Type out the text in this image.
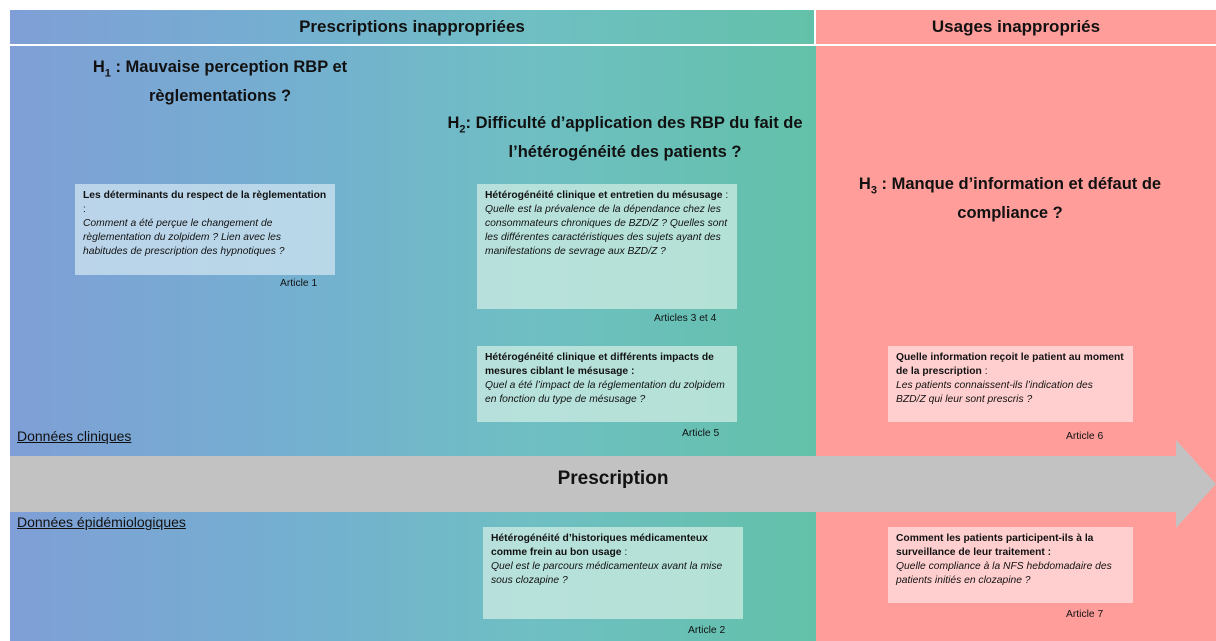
Prescriptions inappropriées	Usages inappropriés
$H_1$ : Mauvaise perception RBP et
règlementations ?
$H_2$: Difficulté d’application des RBP du fait de
l’hétérogénéité des patients ?
$H_3$ : Manque d’information et défaut de
compliance ?
Les déterminants du respect de la règlementation :
Comment a été perçue le changement de règlementation du zolpidem ? Lien avec les habitudes de prescription des hypnotiques ?
Article 1
Hétérogénéité clinique et entretien du mésusage :
Quelle est la prévalence de la dépendance chez les consommateurs chroniques de BZD/Z ? Quelles sont les différentes caractéristiques des sujets ayant des manifestations de sevrage aux BZD/Z ?
Articles 3 et 4
Hétérogénéité clinique et différents impacts de mesures ciblant le mésusage :
Quel a été l’impact de la réglementation du zolpidem en fonction du type de mésusage ?
Article 5
Quelle information reçoit le patient au moment de la prescription :
Les patients connaissent-ils l’indication des BZD/Z qui leur sont prescris ?
Article 6
Données cliniques
Données épidémiologiques
Prescription
Hétérogénéité d’historiques médicamenteux comme frein au bon usage :
Quel est le parcours médicamenteux avant la mise sous clozapine ?
Article 2
Comment les patients participent-ils à la surveillance de leur traitement :
Quelle compliance à la NFS hebdomadaire des patients initiés en clozapine ?
Article 7
